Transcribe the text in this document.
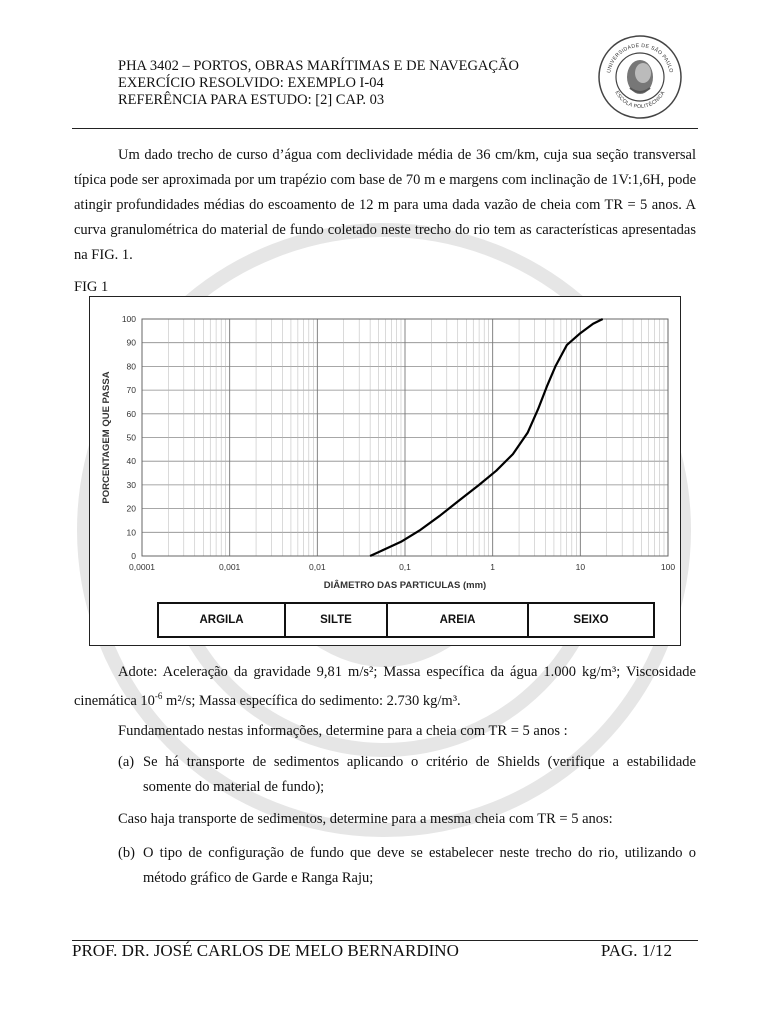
PHA 3402 – PORTOS, OBRAS MARÍTIMAS E DE NAVEGAÇÃO
EXERCÍCIO RESOLVIDO: EXEMPLO I-04
REFERÊNCIA PARA ESTUDO: [2] CAP. 03
UNIVERSIDADE DE SÃO PAULO
ESCOLA POLITÉCNICA
Um dado trecho de curso d’água com declividade média de 36 cm/km, cuja sua seção transversal típica pode ser aproximada por um trapézio com base de 70 m e margens com inclinação de 1V:1,6H, pode atingir profundidades médias do escoamento de 12 m para uma dada vazão de cheia com TR = 5 anos. A curva granulométrica do material de fundo coletado neste trecho do rio tem as características apresentadas na FIG. 1.
FIG 1
0
10
20
30
40
50
60
70
80
90
100
0,0001	0,001	0,01	0,1	1	10	100
DIÂMETRO DAS PARTICULAS (mm)
PORCENTAGEM QUE PASSA
ARGILA	SILTE	AREIA	SEIXO
Adote: Aceleração da gravidade 9,81 m/s²; Massa específica da água 1.000 kg/m³; Viscosidade cinemática $10^{-6}$ m²/s; Massa específica do sedimento: 2.730 kg/m³.
Fundamentado nestas informações, determine para a cheia com TR = 5 anos :
(a) Se há transporte de sedimentos aplicando o critério de Shields (verifique a estabilidade somente do material de fundo);
Caso haja transporte de sedimentos, determine para a mesma cheia com TR = 5 anos:
(b) O tipo de configuração de fundo que deve se estabelecer neste trecho do rio, utilizando o método gráfico de Garde e Ranga Raju;
PROF. DR. JOSÉ CARLOS DE MELO BERNARDINO	PAG. 1/12
